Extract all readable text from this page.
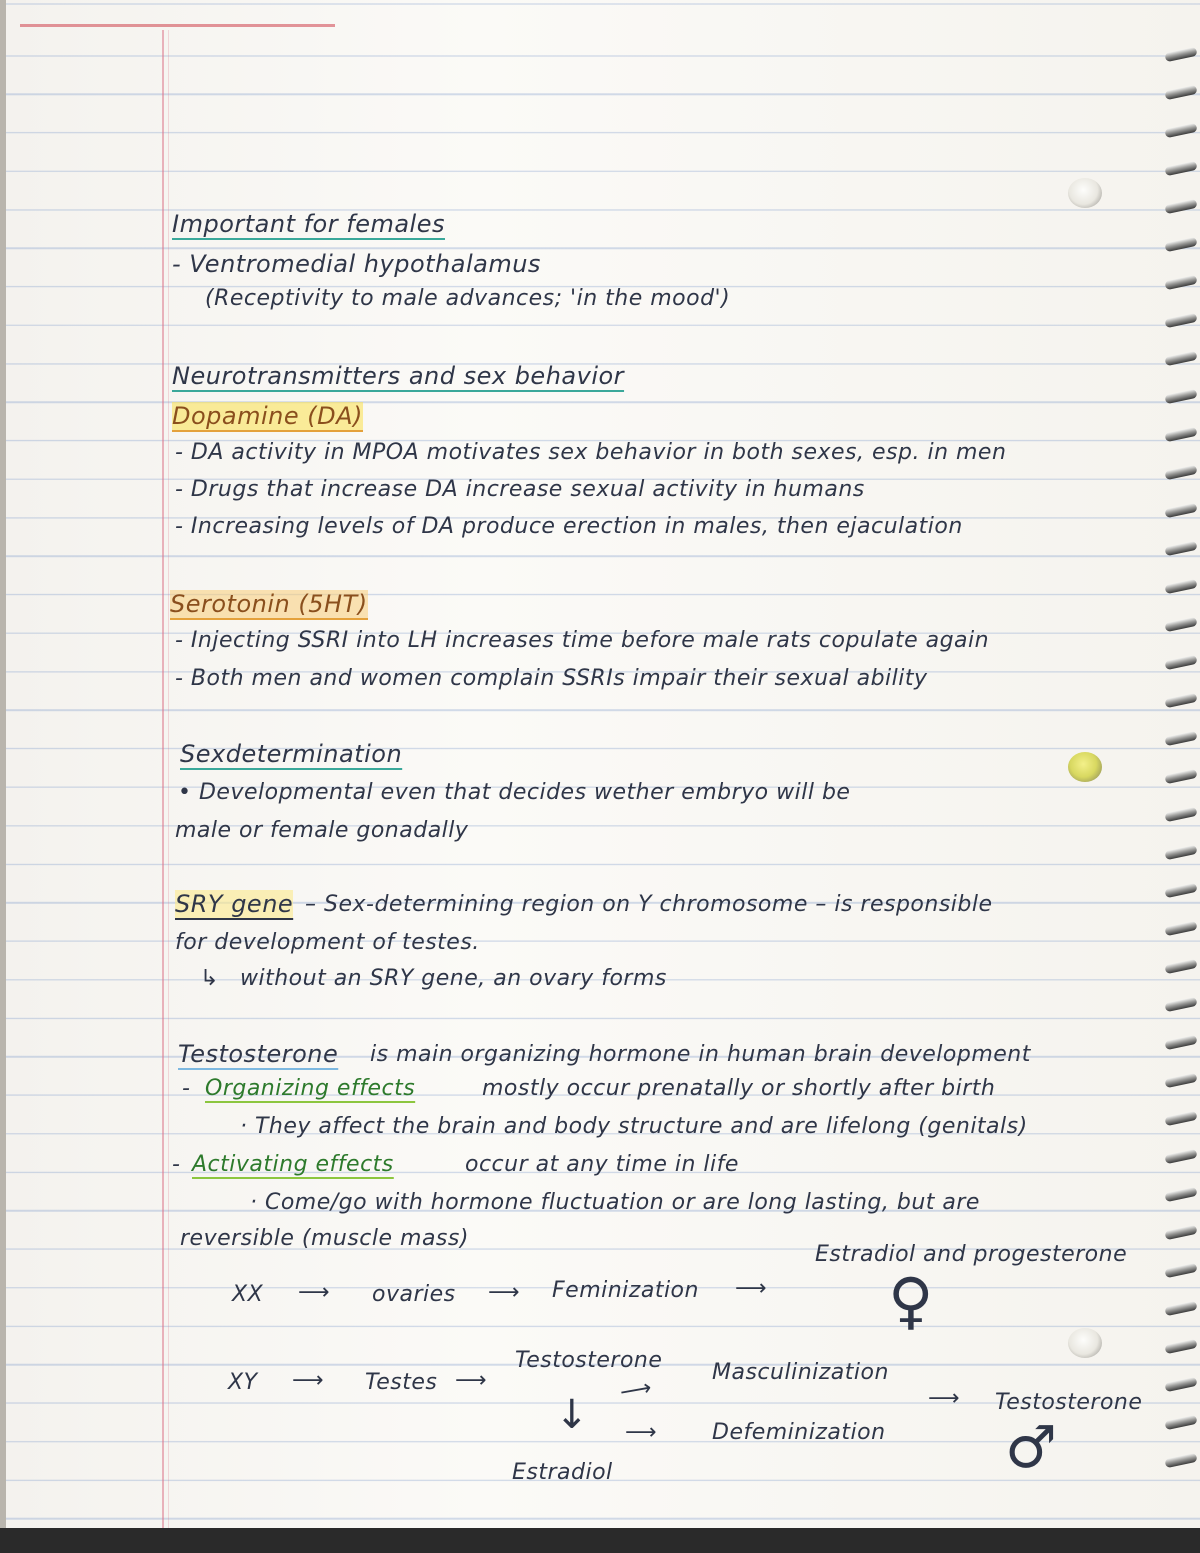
Important for females
- Ventromedial hypothalamus
(Receptivity to male advances; 'in the mood')
Neurotransmitters and sex behavior
Dopamine (DA)
- DA activity in MPOA motivates sex behavior in both sexes, esp. in men
- Drugs that increase DA increase sexual activity in humans
- Increasing levels of DA produce erection in males, then ejaculation
Serotonin (5HT)
- Injecting SSRI into LH increases time before male rats copulate again
- Both men and women complain SSRIs impair their sexual ability
Sexdetermination
• Developmental even that decides wether embryo will be
male or female gonadally
SRY gene – Sex-determining region on Y chromosome – is responsible
for development of testes.
↳ without an SRY gene, an ovary forms
Testosterone is main organizing hormone in human brain development
- Organizing effects	mostly occur prenatally or shortly after birth
· They affect the brain and body structure and are lifelong (genitals)
- Activating effects	occur at any time in life
· Come/go with hormone fluctuation or are long lasting, but are
reversible (muscle mass)
Estradiol and progesterone
XX ⟶ ovaries ⟶ Feminization ⟶ ♀
Testosterone Masculinization
XY ⟶ Testes ⟶	⟶
↓	⟶ Testosterone
⟶ Defeminization ♂
Estradiol
